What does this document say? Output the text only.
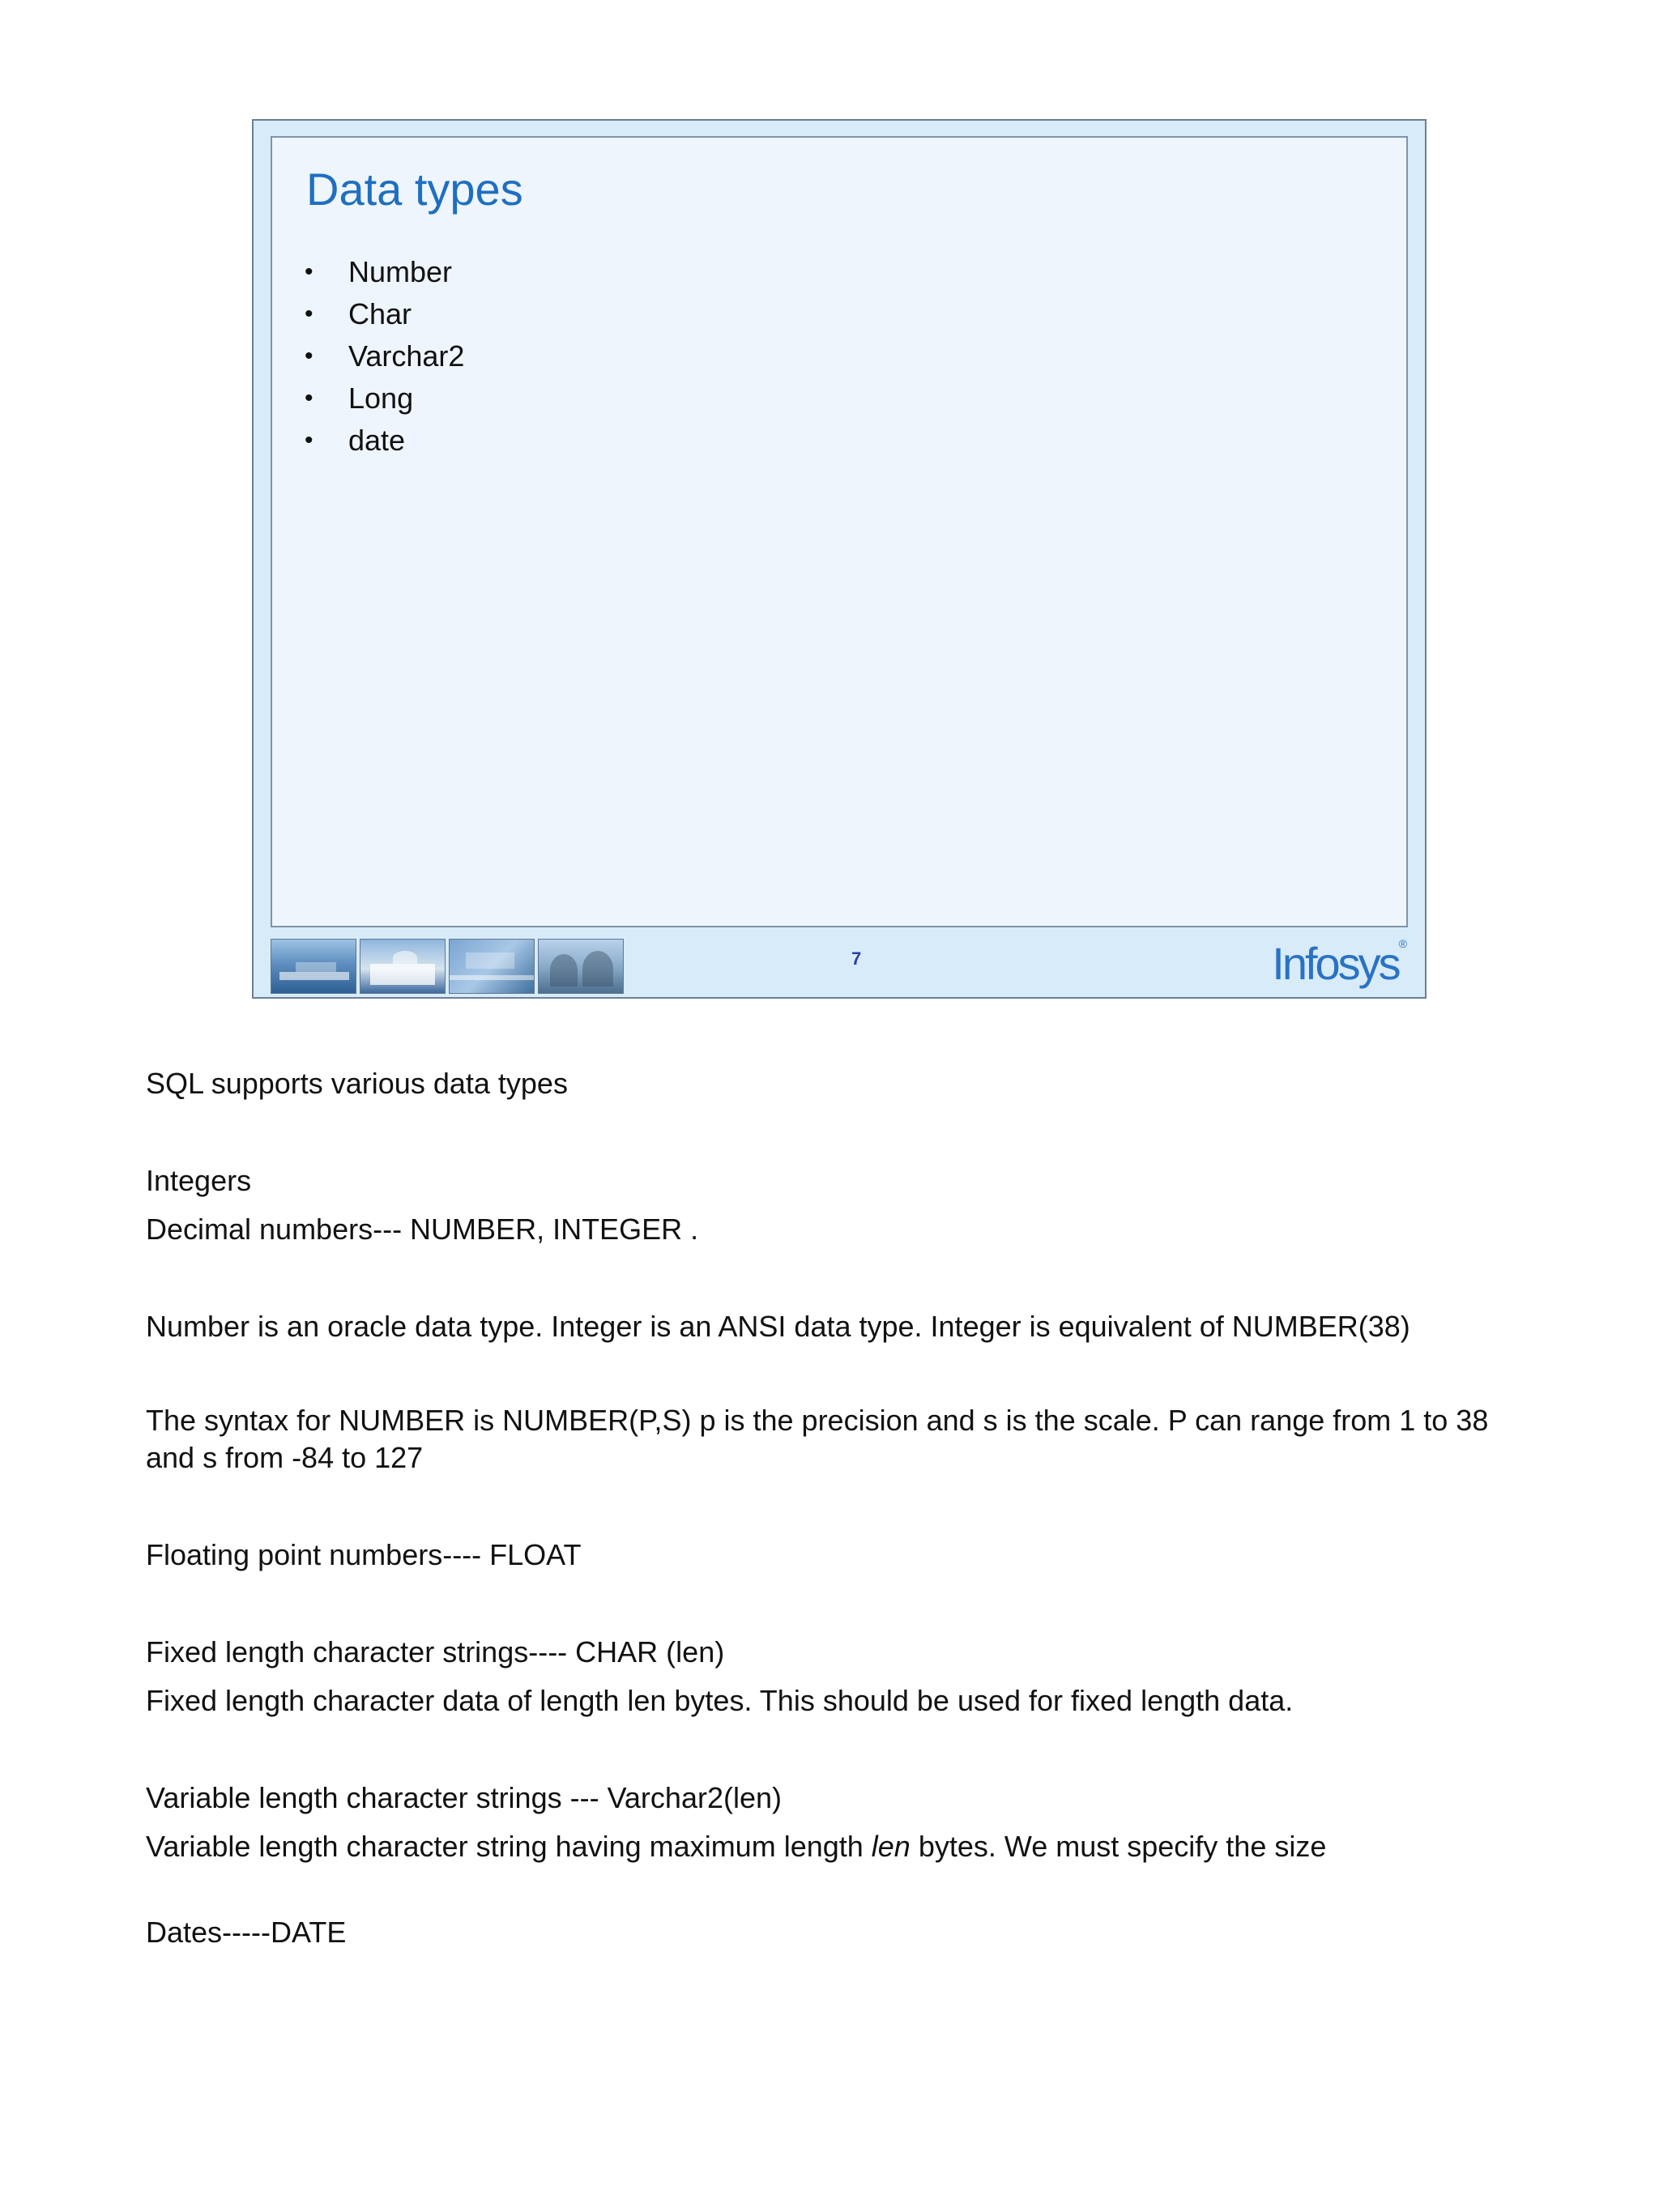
Data types
• Number
• Char
• Varchar2
• Long
• date
7	Infosys®

SQL supports various data types

Integers

Decimal numbers--- NUMBER, INTEGER .

Number is an oracle data type. Integer is an ANSI data type. Integer is equivalent of NUMBER(38)

The syntax for NUMBER is NUMBER(P,S) p is the precision and s is the scale. P can range from 1 to 38 and s from -84 to 127

Floating point numbers---- FLOAT

Fixed length character strings---- CHAR (len)

Fixed length character data of length len bytes. This should be used for fixed length data.

Variable length character strings --- Varchar2(len)

Variable length character string having maximum length len bytes. We must specify the size

Dates-----DATE
